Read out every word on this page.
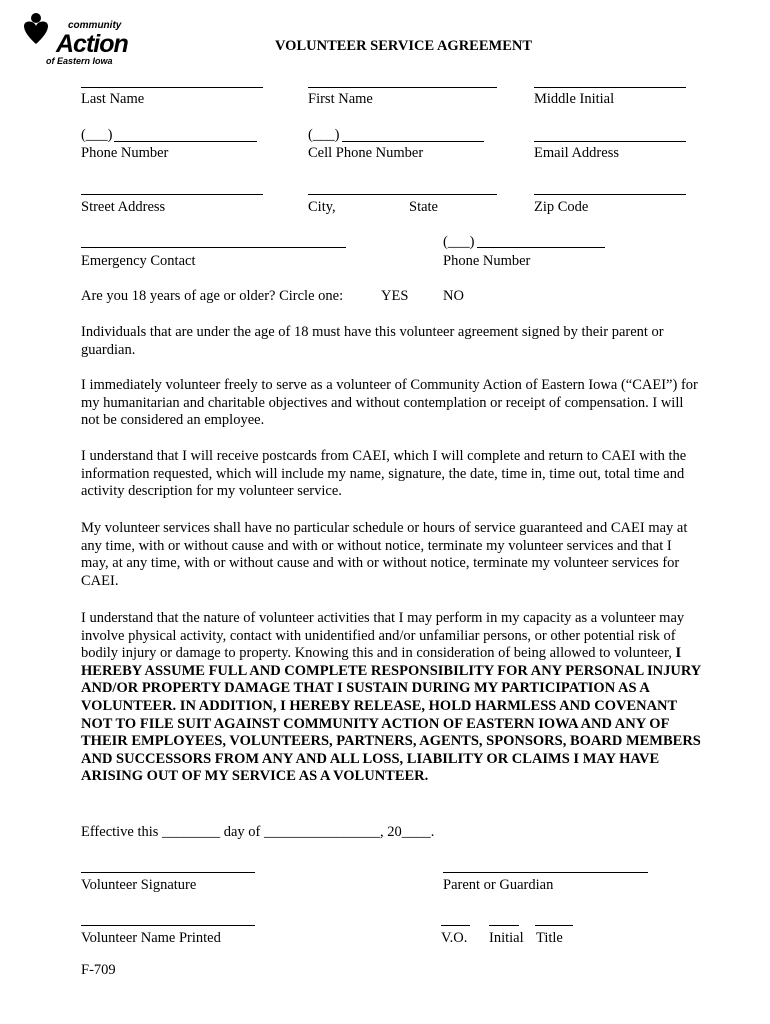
community
Action
of Eastern Iowa
VOLUNTEER SERVICE AGREEMENT
Last Name	First Name	Middle Initial
(___)	(___)
Phone Number	Cell Phone Number	Email Address
Street Address	City,	State	Zip Code
(___)
Emergency Contact	Phone Number
Are you 18 years of age or older? Circle one:	YES NO
Individuals that are under the age of 18 must have this volunteer agreement signed by their parent or guardian.
I immediately volunteer freely to serve as a volunteer of Community Action of Eastern Iowa (“CAEI”) for my humanitarian and charitable objectives and without contemplation or receipt of compensation. I will not be considered an employee.
I understand that I will receive postcards from CAEI, which I will complete and return to CAEI with the information requested, which will include my name, signature, the date, time in, time out, total time and activity description for my volunteer service.
My volunteer services shall have no particular schedule or hours of service guaranteed and CAEI may at any time, with or without cause and with or without notice, terminate my volunteer services and that I may, at any time, with or without cause and with or without notice, terminate my volunteer services for CAEI.
I understand that the nature of volunteer activities that I may perform in my capacity as a volunteer may involve physical activity, contact with unidentified and/or unfamiliar persons, or other potential risk of bodily injury or damage to property. Knowing this and in consideration of being allowed to volunteer, I HEREBY ASSUME FULL AND COMPLETE RESPONSIBILITY FOR ANY PERSONAL INJURY AND/OR PROPERTY DAMAGE THAT I SUSTAIN DURING MY PARTICIPATION AS A VOLUNTEER. IN ADDITION, I HEREBY RELEASE, HOLD HARMLESS AND COVENANT NOT TO FILE SUIT AGAINST COMMUNITY ACTION OF EASTERN IOWA AND ANY OF THEIR EMPLOYEES, VOLUNTEERS, PARTNERS, AGENTS, SPONSORS, BOARD MEMBERS AND SUCCESSORS FROM ANY AND ALL LOSS, LIABILITY OR CLAIMS I MAY HAVE ARISING OUT OF MY SERVICE AS A VOLUNTEER.
Effective this ________ day of ________________, 20____.
Volunteer Signature	Parent or Guardian
Volunteer Name Printed	V.O. Initial Title
F-709
